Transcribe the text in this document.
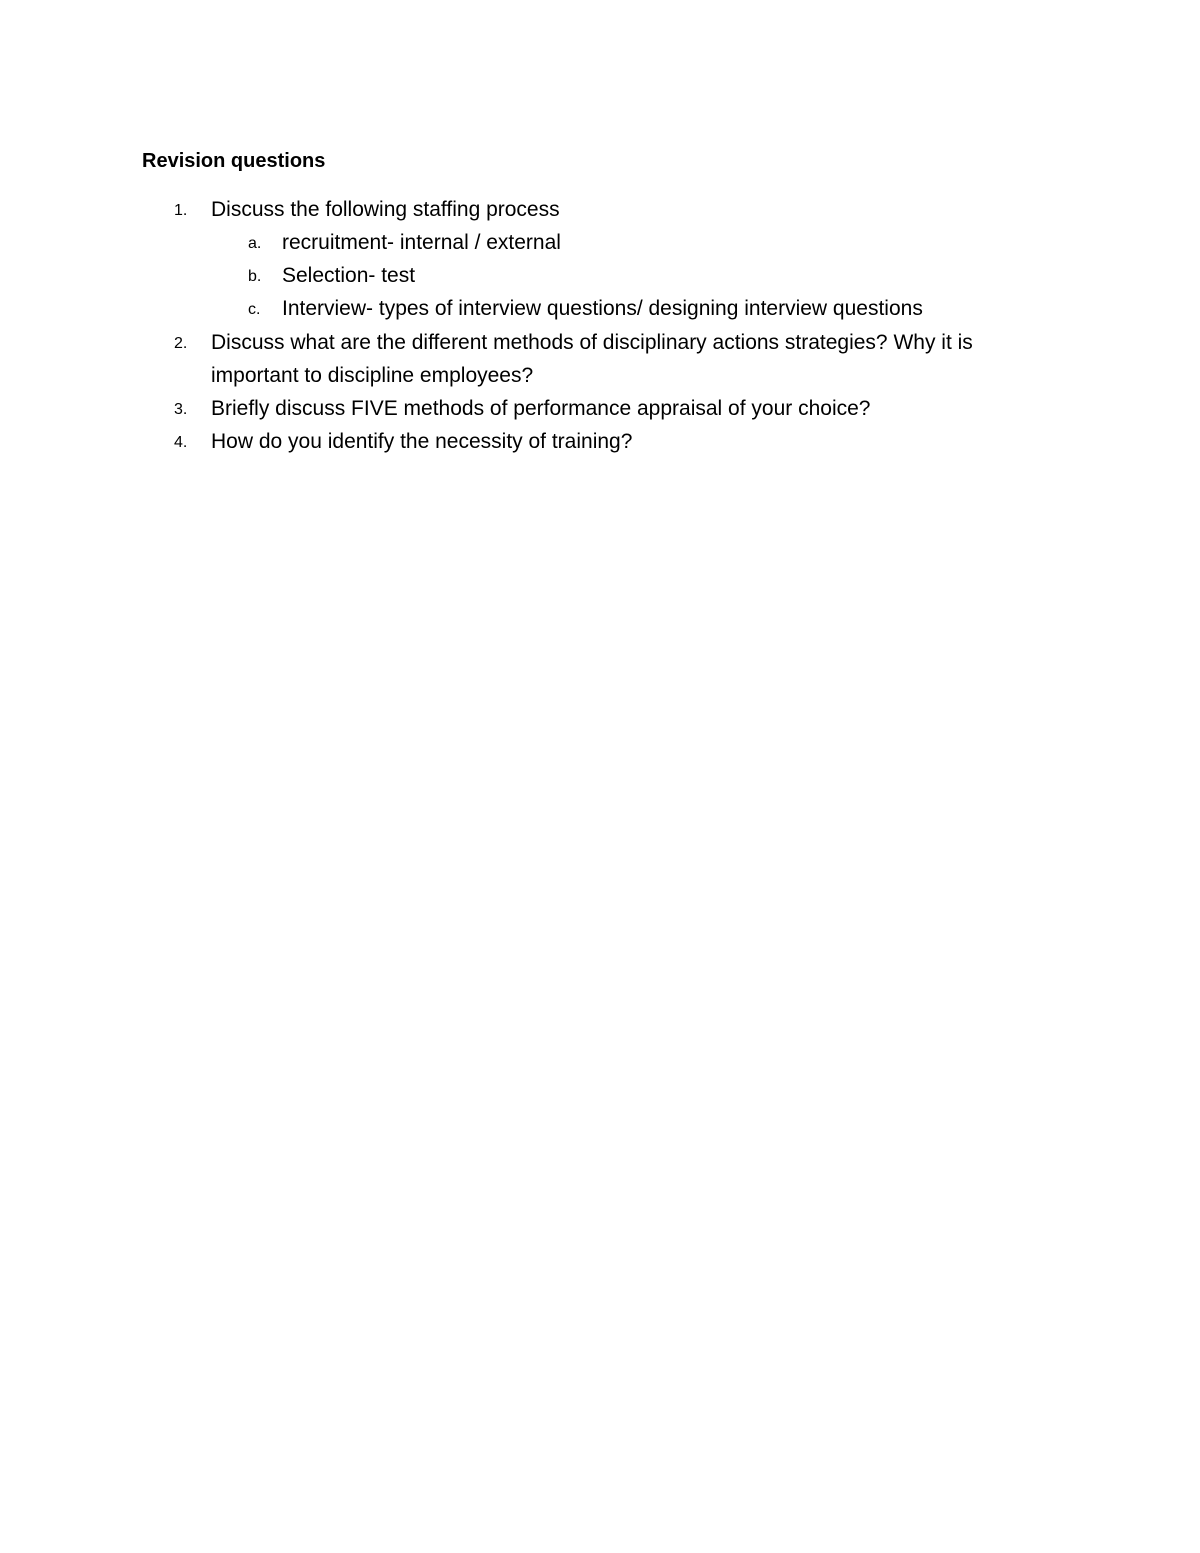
Revision questions
1. Discuss the following staffing process
a. recruitment- internal / external
b. Selection- test
c. Interview- types of interview questions/ designing interview questions
2. Discuss what are the different methods of disciplinary actions strategies? Why it is
important to discipline employees?
3. Briefly discuss FIVE methods of performance appraisal of your choice?
4. How do you identify the necessity of training?
